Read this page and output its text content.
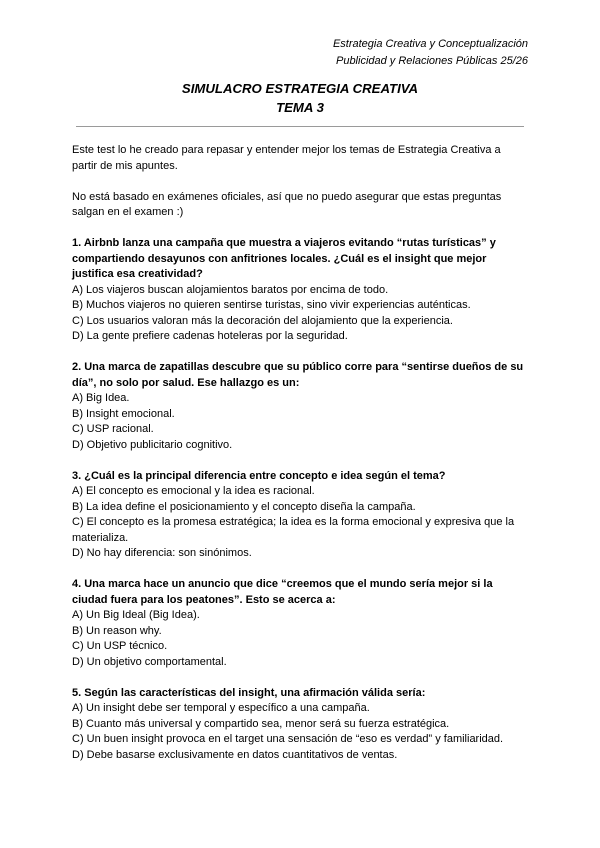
Estrategia Creativa y Conceptualización
Publicidad y Relaciones Públicas 25/26
SIMULACRO ESTRATEGIA CREATIVA
TEMA 3

Este test lo he creado para repasar y entender mejor los temas de Estrategia Creativa a partir de mis apuntes.

No está basado en exámenes oficiales, así que no puedo asegurar que estas preguntas salgan en el examen :)

1. Airbnb lanza una campaña que muestra a viajeros evitando “rutas turísticas” y compartiendo desayunos con anfitriones locales. ¿Cuál es el insight que mejor justifica esa creatividad?

A) Los viajeros buscan alojamientos baratos por encima de todo.

B) Muchos viajeros no quieren sentirse turistas, sino vivir experiencias auténticas.

C) Los usuarios valoran más la decoración del alojamiento que la experiencia.

D) La gente prefiere cadenas hoteleras por la seguridad.

2. Una marca de zapatillas descubre que su público corre para “sentirse dueños de su día”, no solo por salud. Ese hallazgo es un:

A) Big Idea.

B) Insight emocional.

C) USP racional.

D) Objetivo publicitario cognitivo.

3. ¿Cuál es la principal diferencia entre concepto e idea según el tema?

A) El concepto es emocional y la idea es racional.

B) La idea define el posicionamiento y el concepto diseña la campaña.

C) El concepto es la promesa estratégica; la idea es la forma emocional y expresiva que la materializa.

D) No hay diferencia: son sinónimos.

4. Una marca hace un anuncio que dice “creemos que el mundo sería mejor si la ciudad fuera para los peatones”. Esto se acerca a:

A) Un Big Ideal (Big Idea).

B) Un reason why.

C) Un USP técnico.

D) Un objetivo comportamental.

5. Según las características del insight, una afirmación válida sería:

A) Un insight debe ser temporal y específico a una campaña.

B) Cuanto más universal y compartido sea, menor será su fuerza estratégica.

C) Un buen insight provoca en el target una sensación de “eso es verdad” y familiaridad.

D) Debe basarse exclusivamente en datos cuantitativos de ventas.
